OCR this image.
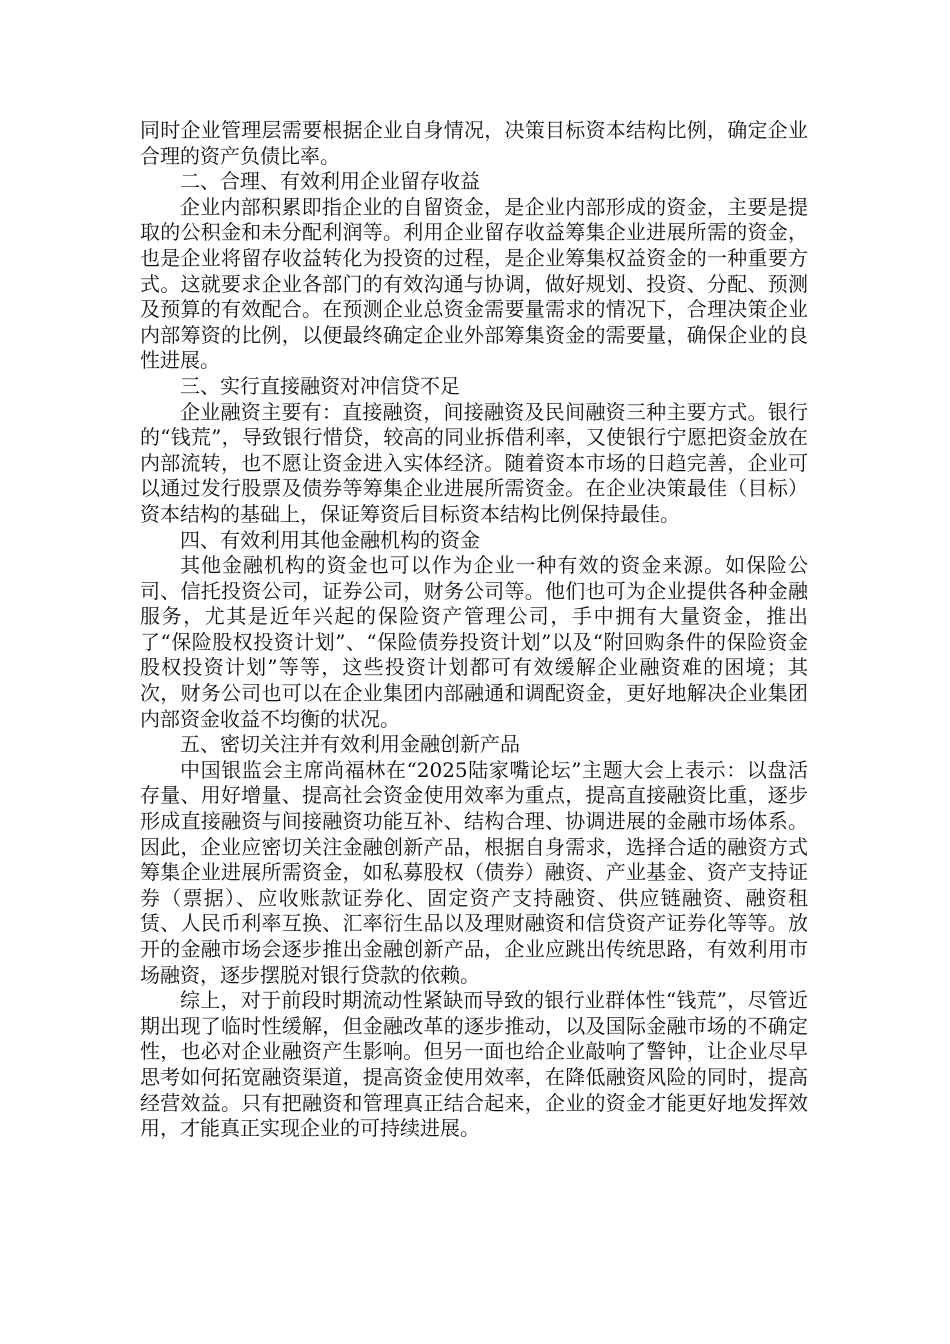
同时企业管理层需要根据企业自身情况，决策目标资本结构比例，确定企业合理的资产负债比率。

二、合理、有效利用企业留存收益

企业内部积累即指企业的自留资金，是企业内部形成的资金，主要是提取的公积金和未分配利润等。利用企业留存收益筹集企业进展所需的资金，也是企业将留存收益转化为投资的过程，是企业筹集权益资金的一种重要方式。这就要求企业各部门的有效沟通与协调，做好规划、投资、分配、预测及预算的有效配合。在预测企业总资金需要量需求的情况下，合理决策企业内部筹资的比例，以便最终确定企业外部筹集资金的需要量，确保企业的良性进展。

三、实行直接融资对冲信贷不足

企业融资主要有：直接融资，间接融资及民间融资三种主要方式。银行的“钱荒”，导致银行惜贷，较高的同业拆借利率，又使银行宁愿把资金放在内部流转，也不愿让资金进入实体经济。随着资本市场的日趋完善，企业可以通过发行股票及债券等筹集企业进展所需资金。在企业决策最佳（目标）资本结构的基础上，保证筹资后目标资本结构比例保持最佳。

四、有效利用其他金融机构的资金

其他金融机构的资金也可以作为企业一种有效的资金来源。如保险公司、信托投资公司，证券公司，财务公司等。他们也可为企业提供各种金融服务，尤其是近年兴起的保险资产管理公司，手中拥有大量资金，推出了“保险股权投资计划”、“保险债券投资计划”以及“附回购条件的保险资金股权投资计划”等等，这些投资计划都可有效缓解企业融资难的困境；其次，财务公司也可以在企业集团内部融通和调配资金，更好地解决企业集团内部资金收益不均衡的状况。

五、密切关注并有效利用金融创新产品

中国银监会主席尚福林在“2025陆家嘴论坛”主题大会上表示：以盘活存量、用好增量、提高社会资金使用效率为重点，提高直接融资比重，逐步形成直接融资与间接融资功能互补、结构合理、协调进展的金融市场体系。因此，企业应密切关注金融创新产品，根据自身需求，选择合适的融资方式筹集企业进展所需资金，如私募股权（债券）融资、产业基金、资产支持证券（票据）、应收账款证券化、固定资产支持融资、供应链融资、融资租赁、人民币利率互换、汇率衍生品以及理财融资和信贷资产证券化等等。放开的金融市场会逐步推出金融创新产品，企业应跳出传统思路，有效利用市场融资，逐步摆脱对银行贷款的依赖。

综上，对于前段时期流动性紧缺而导致的银行业群体性“钱荒”，尽管近期出现了临时性缓解，但金融改革的逐步推动，以及国际金融市场的不确定性，也必对企业融资产生影响。但另一面也给企业敲响了警钟，让企业尽早思考如何拓宽融资渠道，提高资金使用效率，在降低融资风险的同时，提高经营效益。只有把融资和管理真正结合起来，企业的资金才能更好地发挥效用，才能真正实现企业的可持续进展。
